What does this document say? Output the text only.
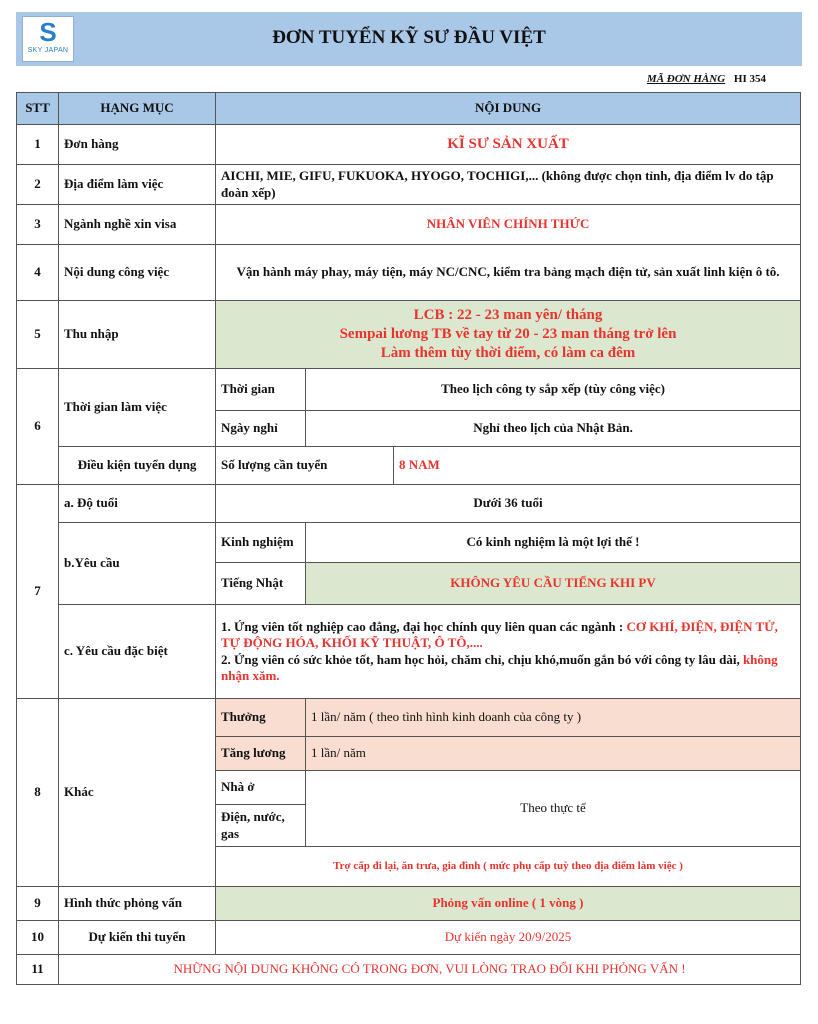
S
SKY JAPAN
ĐƠN TUYỂN KỸ SƯ ĐẦU VIỆT
MÃ ĐƠN HÀNG HI 354
STT	HẠNG MỤC	NỘI DUNG		
1	Đơn hàng	KĨ SƯ SẢN XUẤT		
2	Địa điểm làm việc	AICHI, MIE, GIFU, FUKUOKA, HYOGO, TOCHIGI,... (không được chọn tỉnh, địa điểm lv do tập đoàn xếp)		
3	Ngành nghề xin visa	NHÂN VIÊN CHÍNH THỨC		
4	Nội dung công việc	Vận hành máy phay, máy tiện, máy NC/CNC, kiểm tra bảng mạch điện tử, sản xuất linh kiện ô tô.		
5	Thu nhập	LCB : 22 - 23 man yên/ tháng
Sempai lương TB về tay từ 20 - 23 man tháng trở lên
Làm thêm tùy thời điểm, có làm ca đêm		

6	Thời gian làm việc	Thời gian	Theo lịch công ty sắp xếp (tùy công việc)	
		Ngày nghỉ	Nghỉ theo lịch của Nhật Bản.	
	Điều kiện tuyển dụng	Số lượng cần tuyển		8 NAM
7	a. Độ tuổi	Dưới 36 tuổi		
	b.Yêu cầu	Kinh nghiệm	Có kinh nghiệm là một lợi thế !	
		Tiếng Nhật	KHÔNG YÊU CẦU TIẾNG KHI PV	
	c. Yêu cầu đặc biệt	1. Ứng viên tốt nghiệp cao đẳng, đại học chính quy liên quan các ngành : CƠ KHÍ, ĐIỆN, ĐIỆN TỬ, TỰ ĐỘNG HÓA, KHỐI KỸ THUẬT, Ô TÔ,....
2. Ứng viên có sức khỏe tốt, ham học hỏi, chăm chỉ, chịu khó,muốn gắn bó với công ty lâu dài, không nhận xăm.		

8	Khác	Thưởng	1 lần/ năm ( theo tình hình kinh doanh của công ty )	
		Tăng lương	1 lần/ năm	
		Nhà ở	Theo thực tế	
		Điện, nước, gas		
		Trợ cấp đi lại, ăn trưa, gia đình ( mức phụ cấp tuỳ theo địa điểm làm việc )		
9	Hình thức phỏng vấn	Phỏng vấn online ( 1 vòng )		
10	Dự kiến thi tuyển	Dự kiến ngày 20/9/2025		
11	NHỮNG NỘI DUNG KHÔNG CÓ TRONG ĐƠN, VUI LÒNG TRAO ĐỔI KHI PHỎNG VẤN !			
